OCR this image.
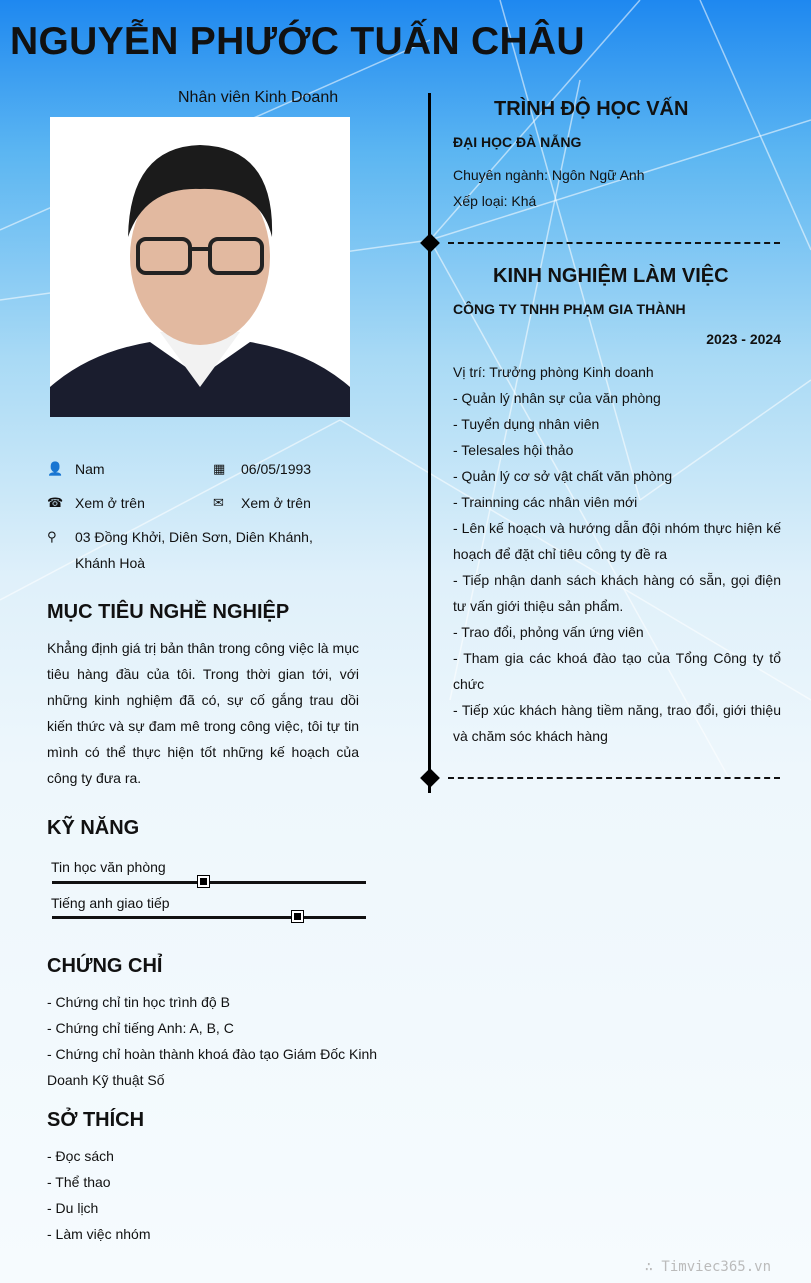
NGUYỄN PHƯỚC TUẤN CHÂU
Nhân viên Kinh Doanh
👤 Nam	▦	06/05/1993
☎ Xem ở trên	✉	Xem ở trên
⚲	03 Đồng Khởi, Diên Sơn, Diên Khánh, Khánh Hoà
MỤC TIÊU NGHỀ NGHIỆP
Khẳng định giá trị bản thân trong công việc là mục tiêu hàng đầu của tôi. Trong thời gian tới, với những kinh nghiệm đã có, sự cố gắng trau dồi kiến thức và sự đam mê trong công việc, tôi tự tin mình có thể thực hiện tốt những kế hoạch của công ty đưa ra.
KỸ NĂNG
Tin học văn phòng
Tiếng anh giao tiếp
CHỨNG CHỈ
- Chứng chỉ tin học trình độ B
- Chứng chỉ tiếng Anh: A, B, C
- Chứng chỉ hoàn thành khoá đào tạo Giám Đốc Kinh Doanh Kỹ thuật Số
SỞ THÍCH
- Đọc sách
- Thể thao
- Du lịch
- Làm việc nhóm
TRÌNH ĐỘ HỌC VẤN
ĐẠI HỌC ĐÀ NẴNG
Chuyên ngành: Ngôn Ngữ Anh
Xếp loại: Khá
KINH NGHIỆM LÀM VIỆC
CÔNG TY TNHH PHẠM GIA THÀNH
2023 - 2024
Vị trí: Trưởng phòng Kinh doanh
- Quản lý nhân sự của văn phòng
- Tuyển dụng nhân viên
- Telesales hội thảo
- Quản lý cơ sở vật chất văn phòng
- Trainning các nhân viên mới
- Lên kế hoạch và hướng dẫn đội nhóm thực hiện kế hoạch để đặt chỉ tiêu công ty đề ra
- Tiếp nhận danh sách khách hàng có sẵn, gọi điện tư vấn giới thiệu sản phẩm.
- Trao đổi, phỏng vấn ứng viên
- Tham gia các khoá đào tạo của Tổng Công ty tổ chức
- Tiếp xúc khách hàng tiềm năng, trao đổi, giới thiệu và chăm sóc khách hàng
∴ Timviec365.vn
